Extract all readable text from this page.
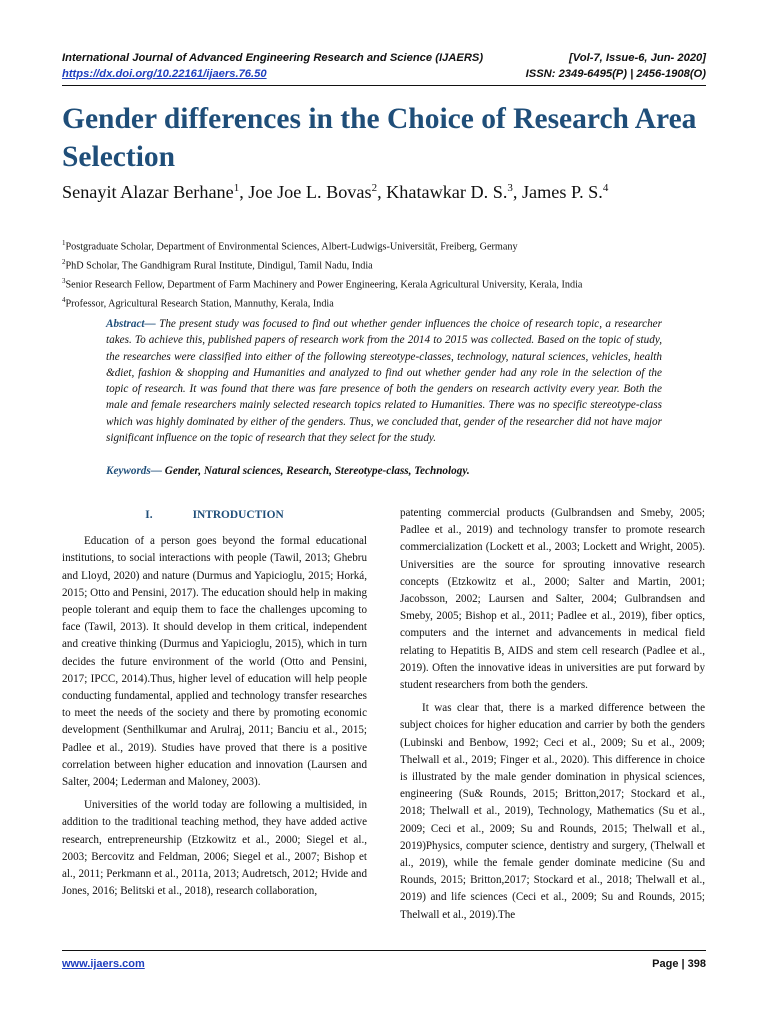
International Journal of Advanced Engineering Research and Science (IJAERS)	[Vol-7, Issue-6, Jun- 2020]
https://dx.doi.org/10.22161/ijaers.76.50	ISSN: 2349-6495(P) | 2456-1908(O)
Gender differences in the Choice of Research Area Selection
Senayit Alazar Berhane$^1$, Joe Joe L. Bovas$^2$, Khatawkar D. S.$^3$, James P. S.$^4$
$^1$Postgraduate Scholar, Department of Environmental Sciences, Albert-Ludwigs-Universität, Freiberg, Germany
$^2$PhD Scholar, The Gandhigram Rural Institute, Dindigul, Tamil Nadu, India
$^3$Senior Research Fellow, Department of Farm Machinery and Power Engineering, Kerala Agricultural University, Kerala, India
$^4$Professor, Agricultural Research Station, Mannuthy, Kerala, India
Abstract— The present study was focused to find out whether gender influences the choice of research topic, a researcher takes. To achieve this, published papers of research work from the 2014 to 2015 was collected. Based on the topic of study, the researches were classified into either of the following stereotype-classes, technology, natural sciences, vehicles, health &diet, fashion & shopping and Humanities and analyzed to find out whether gender had any role in the selection of the topic of research. It was found that there was fare presence of both the genders on research activity every year. Both the male and female researchers mainly selected research topics related to Humanities. There was no specific stereotype-class which was highly dominated by either of the genders. Thus, we concluded that, gender of the researcher did not have major significant influence on the topic of research that they select for the study.
Keywords— Gender, Natural sciences, Research, Stereotype-class, Technology.
I.	INTRODUCTION

Education of a person goes beyond the formal educational institutions, to social interactions with people (Tawil, 2013; Ghebru and Lloyd, 2020) and nature (Durmus and Yapicioglu, 2015; Horká, 2015; Otto and Pensini, 2017). The education should help in making people tolerant and equip them to face the challenges upcoming to face (Tawil, 2013). It should develop in them critical, independent and creative thinking (Durmus and Yapicioglu, 2015), which in turn decides the future environment of the world (Otto and Pensini, 2017; IPCC, 2014).Thus, higher level of education will help people conducting fundamental, applied and technology transfer researches to meet the needs of the society and there by promoting economic development (Senthilkumar and Arulraj, 2011; Banciu et al., 2015; Padlee et al., 2019). Studies have proved that there is a positive correlation between higher education and innovation (Laursen and Salter, 2004; Lederman and Maloney, 2003).

Universities of the world today are following a multisided, in addition to the traditional teaching method, they have added active research, entrepreneurship (Etzkowitz et al., 2000; Siegel et al., 2003; Bercovitz and Feldman, 2006; Siegel et al., 2007; Bishop et al., 2011; Perkmann et al., 2011a, 2013; Audretsch, 2012; Hvide and Jones, 2016; Belitski et al., 2018), research collaboration,

patenting commercial products (Gulbrandsen and Smeby, 2005; Padlee et al., 2019) and technology transfer to promote research commercialization (Lockett et al., 2003; Lockett and Wright, 2005). Universities are the source for sprouting innovative research concepts (Etzkowitz et al., 2000; Salter and Martin, 2001; Jacobsson, 2002; Laursen and Salter, 2004; Gulbrandsen and Smeby, 2005; Bishop et al., 2011; Padlee et al., 2019), fiber optics, computers and the internet and advancements in medical field relating to Hepatitis B, AIDS and stem cell research (Padlee et al., 2019). Often the innovative ideas in universities are put forward by student researchers from both the genders.

It was clear that, there is a marked difference between the subject choices for higher education and carrier by both the genders (Lubinski and Benbow, 1992; Ceci et al., 2009; Su et al., 2009; Thelwall et al., 2019; Finger et al., 2020). This difference in choice is illustrated by the male gender domination in physical sciences, engineering (Su& Rounds, 2015; Britton,2017; Stockard et al., 2018; Thelwall et al., 2019), Technology, Mathematics (Su et al., 2009; Ceci et al., 2009; Su and Rounds, 2015; Thelwall et al., 2019)Physics, computer science, dentistry and surgery, (Thelwall et al., 2019), while the female gender dominate medicine (Su and Rounds, 2015; Britton,2017; Stockard et al., 2018; Thelwall et al., 2019) and life sciences (Ceci et al., 2009; Su and Rounds, 2015; Thelwall et al., 2019).The

www.ijaers.com	Page | 398
